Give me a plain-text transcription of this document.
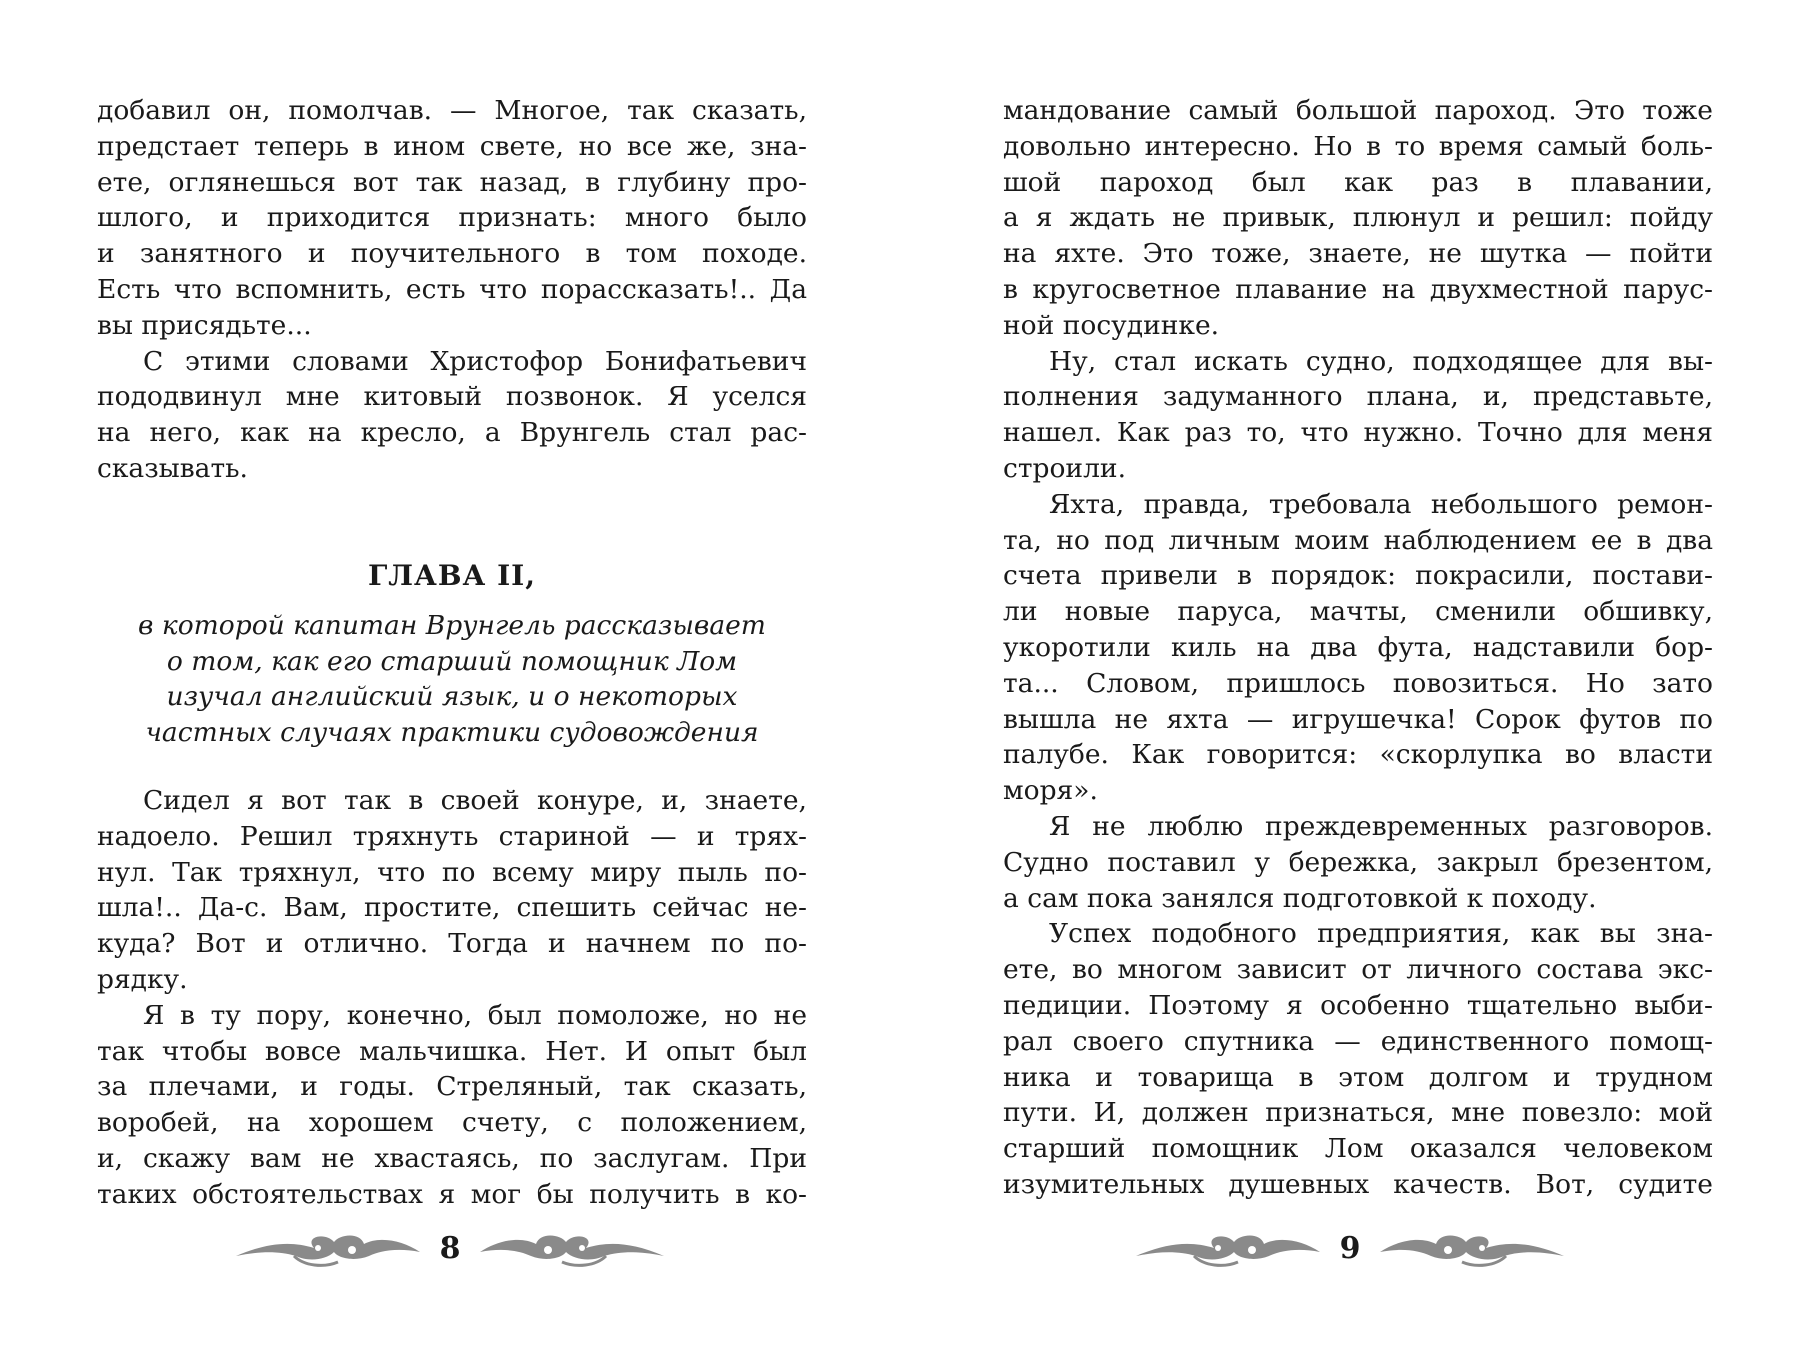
добавил он, помолчав. — Многое, так сказать,
предстает теперь в ином свете, но все же, зна-
ете, оглянешься вот так назад, в глубину про-
шлого, и приходится признать: много было
и занятного и поучительного в том походе.
Есть что вспомнить, есть что порассказать!.. Да
вы присядьте...
С этими словами Христофор Бонифатьевич
пододвинул мне китовый позвонок. Я уселся
на него, как на кресло, а Врунгель стал рас-
сказывать.
ГЛАВА II,
в которой капитан Врунгель рассказывает
о том, как его старший помощник Лом
изучал английский язык, и о некоторых
частных случаях практики судовождения
Сидел я вот так в своей конуре, и, знаете,
надоело. Решил тряхнуть стариной — и трях-
нул. Так тряхнул, что по всему миру пыль по-
шла!.. Да-с. Вам, простите, спешить сейчас не-
куда? Вот и отлично. Тогда и начнем по по-
рядку.
Я в ту пору, конечно, был помоложе, но не
так чтобы вовсе мальчишка. Нет. И опыт был
за плечами, и годы. Стреляный, так сказать,
воробей, на хорошем счету, с положением,
и, скажу вам не хвастаясь, по заслугам. При
таких обстоятельствах я мог бы получить в ко-
8
мандование самый большой пароход. Это тоже
довольно интересно. Но в то время самый боль-
шой пароход был как раз в плавании,
а я ждать не привык, плюнул и решил: пойду
на яхте. Это тоже, знаете, не шутка — пойти
в кругосветное плавание на двухместной парус-
ной посудинке.
Ну, стал искать судно, подходящее для вы-
полнения задуманного плана, и, представьте,
нашел. Как раз то, что нужно. Точно для меня
строили.
Яхта, правда, требовала небольшого ремон-
та, но под личным моим наблюдением ее в два
счета привели в порядок: покрасили, постави-
ли новые паруса, мачты, сменили обшивку,
укоротили киль на два фута, надставили бор-
та... Словом, пришлось повозиться. Но зато
вышла не яхта — игрушечка! Сорок футов по
палубе. Как говорится: «скорлупка во власти
моря».
Я не люблю преждевременных разговоров.
Судно поставил у бережка, закрыл брезентом,
а сам пока занялся подготовкой к походу.
Успех подобного предприятия, как вы зна-
ете, во многом зависит от личного состава экс-
педиции. Поэтому я особенно тщательно выби-
рал своего спутника — единственного помощ-
ника и товарища в этом долгом и трудном
пути. И, должен признаться, мне повезло: мой
старший помощник Лом оказался человеком
изумительных душевных качеств. Вот, судите
9
